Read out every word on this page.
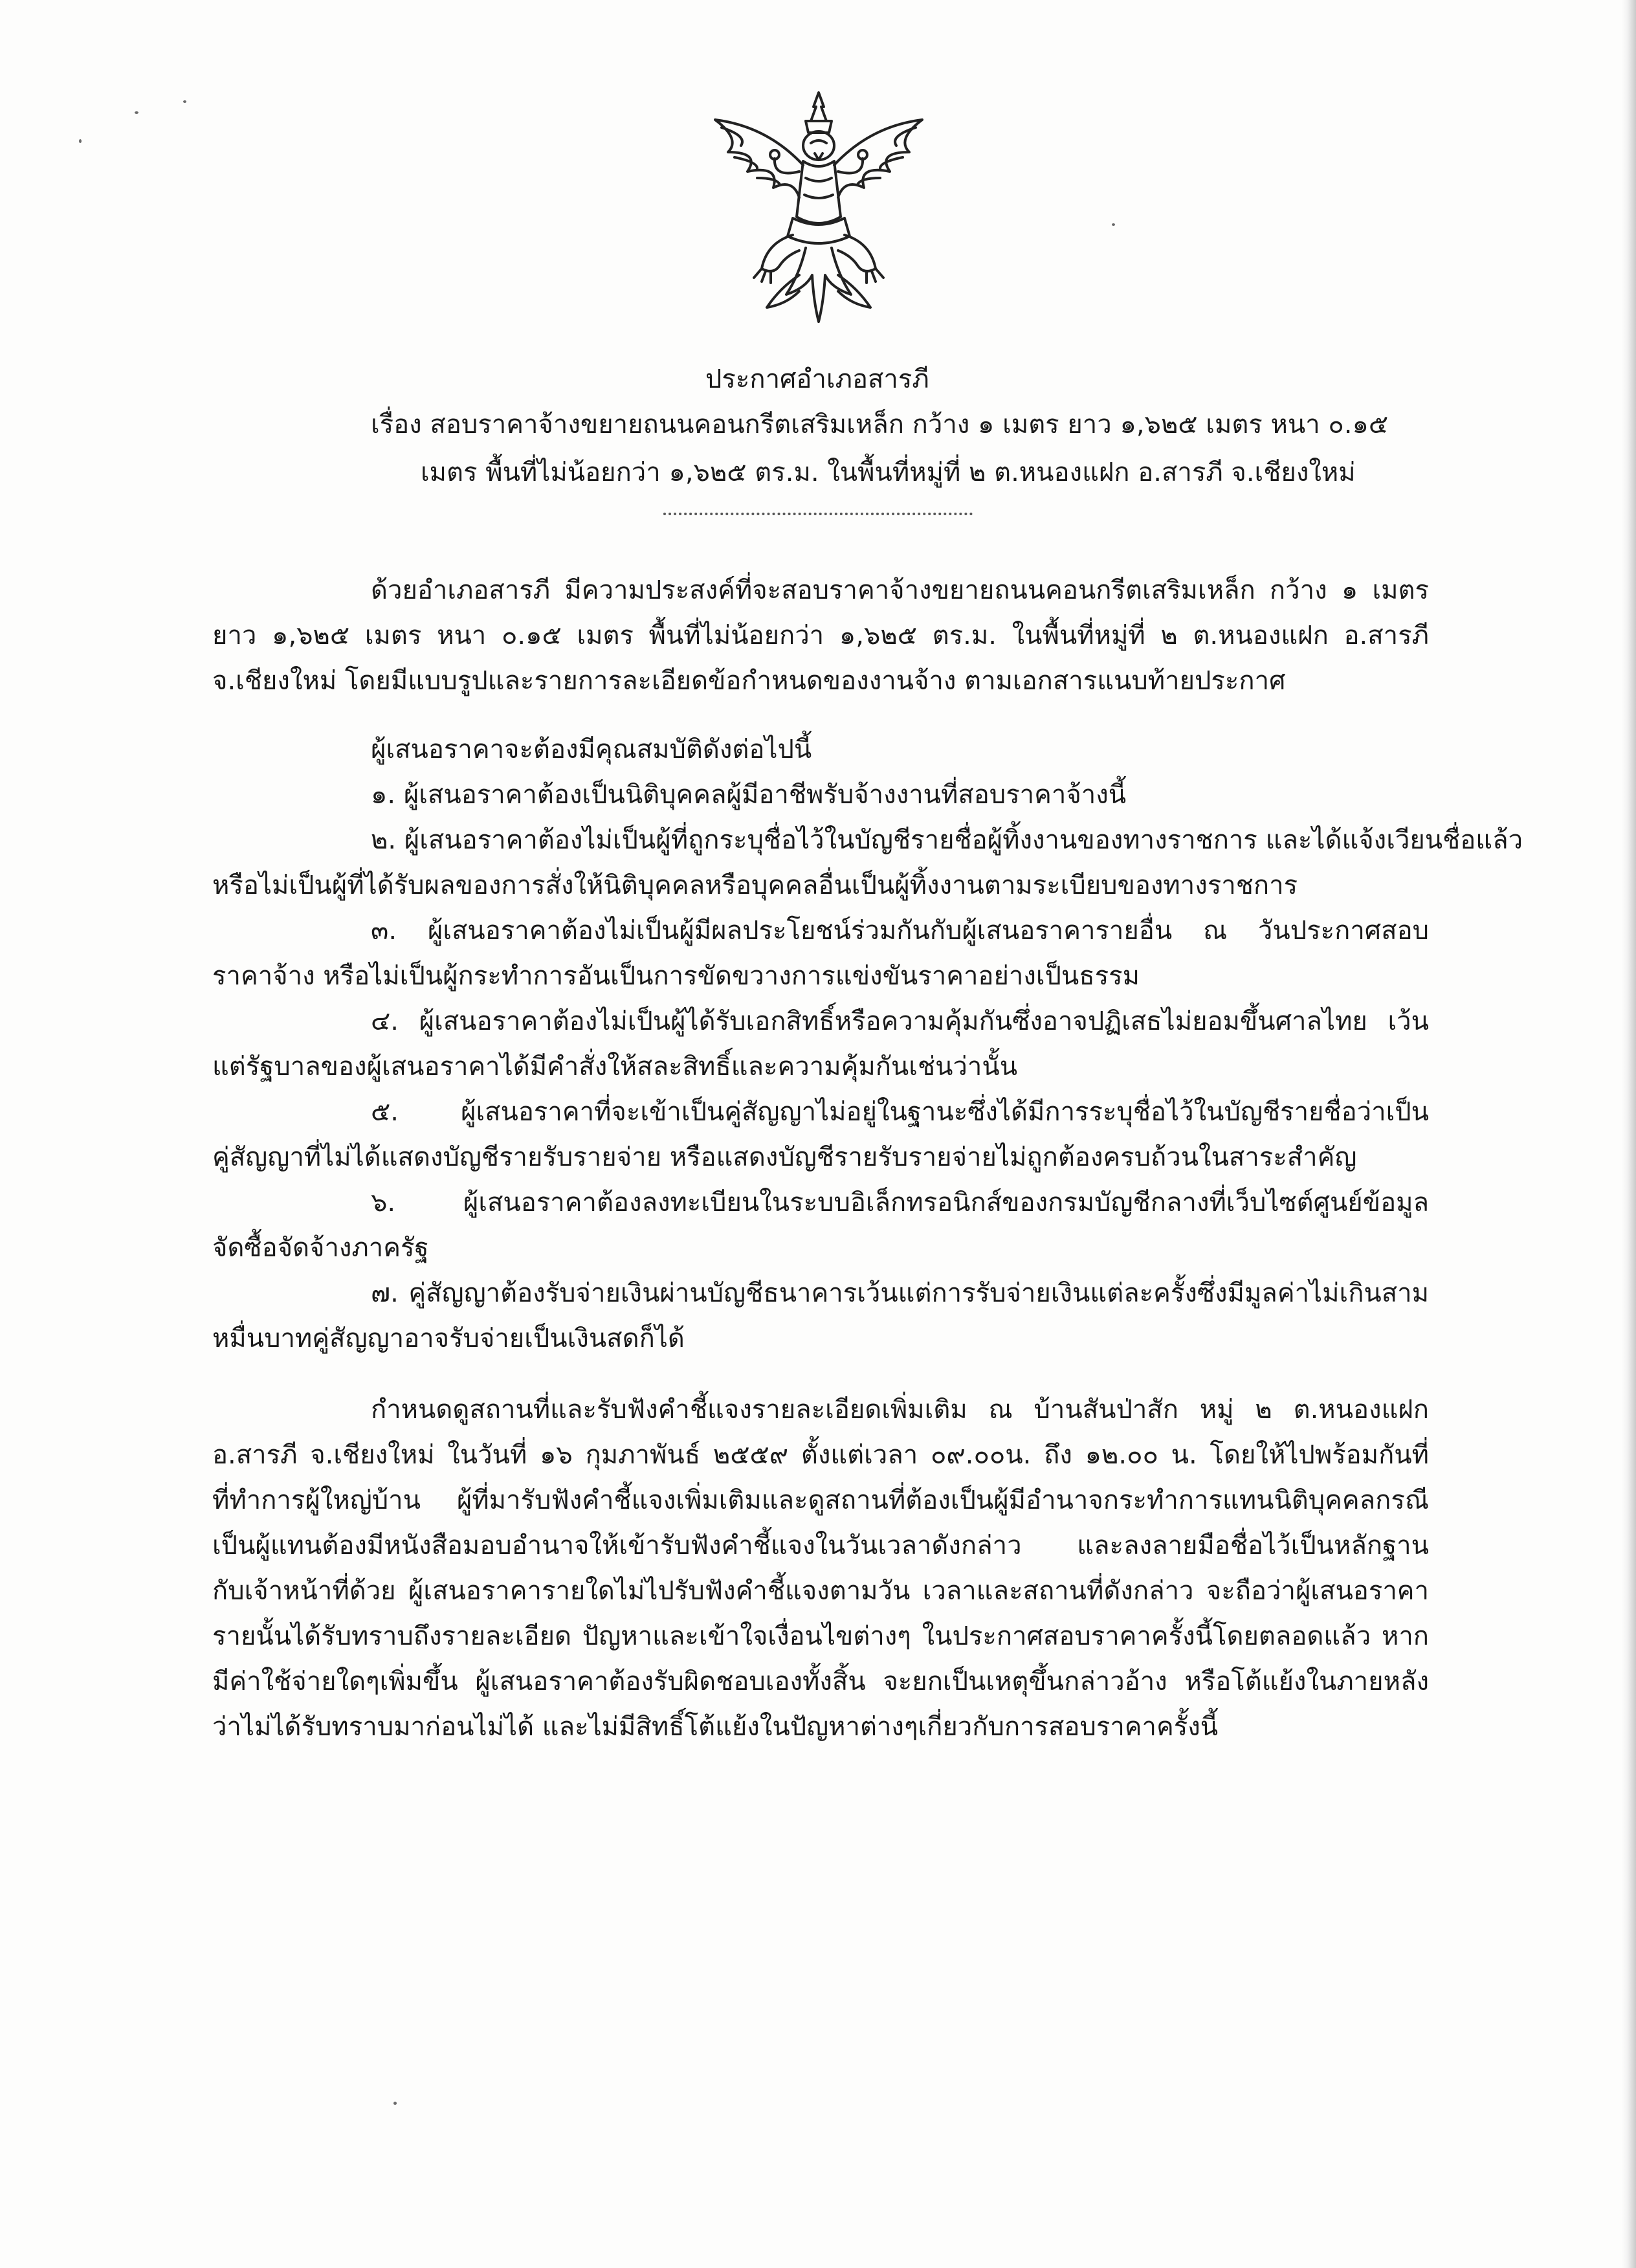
ประกาศอำเภอสารภี
เรื่อง สอบราคาจ้างขยายถนนคอนกรีตเสริมเหล็ก กว้าง ๑ เมตร ยาว ๑,๖๒๕ เมตร หนา ๐.๑๕
เมตร พื้นที่ไม่น้อยกว่า ๑,๖๒๕ ตร.ม. ในพื้นที่หมู่ที่ ๒ ต.หนองแฝก อ.สารภี จ.เชียงใหม่
ด้วยอำเภอสารภี มีความประสงค์ที่จะสอบราคาจ้างขยายถนนคอนกรีตเสริมเหล็ก กว้าง ๑ เมตร
ยาว ๑,๖๒๕ เมตร หนา ๐.๑๕ เมตร พื้นที่ไม่น้อยกว่า ๑,๖๒๕ ตร.ม. ในพื้นที่หมู่ที่ ๒ ต.หนองแฝก อ.สารภี
จ.เชียงใหม่ โดยมีแบบรูปและรายการละเอียดข้อกำหนดของงานจ้าง ตามเอกสารแนบท้ายประกาศ
ผู้เสนอราคาจะต้องมีคุณสมบัติดังต่อไปนี้
๑. ผู้เสนอราคาต้องเป็นนิติบุคคลผู้มีอาชีพรับจ้างงานที่สอบราคาจ้างนี้
๒. ผู้เสนอราคาต้องไม่เป็นผู้ที่ถูกระบุชื่อไว้ในบัญชีรายชื่อผู้ทิ้งงานของทางราชการ และได้แจ้งเวียนชื่อแล้ว
หรือไม่เป็นผู้ที่ได้รับผลของการสั่งให้นิติบุคคลหรือบุคคลอื่นเป็นผู้ทิ้งงานตามระเบียบของทางราชการ
๓. ผู้เสนอราคาต้องไม่เป็นผู้มีผลประโยชน์ร่วมกันกับผู้เสนอราคารายอื่น ณ วันประกาศสอบ
ราคาจ้าง หรือไม่เป็นผู้กระทำการอันเป็นการขัดขวางการแข่งขันราคาอย่างเป็นธรรม
๔. ผู้เสนอราคาต้องไม่เป็นผู้ได้รับเอกสิทธิ์หรือความคุ้มกันซึ่งอาจปฏิเสธไม่ยอมขึ้นศาลไทย เว้น
แต่รัฐบาลของผู้เสนอราคาได้มีคำสั่งให้สละสิทธิ์และความคุ้มกันเช่นว่านั้น
๕. ผู้เสนอราคาที่จะเข้าเป็นคู่สัญญาไม่อยู่ในฐานะซึ่งได้มีการระบุชื่อไว้ในบัญชีรายชื่อว่าเป็น
คู่สัญญาที่ไม่ได้แสดงบัญชีรายรับรายจ่าย หรือแสดงบัญชีรายรับรายจ่ายไม่ถูกต้องครบถ้วนในสาระสำคัญ
๖. ผู้เสนอราคาต้องลงทะเบียนในระบบอิเล็กทรอนิกส์ของกรมบัญชีกลางที่เว็บไซต์ศูนย์ข้อมูล
จัดซื้อจัดจ้างภาครัฐ
๗. คู่สัญญาต้องรับจ่ายเงินผ่านบัญชีธนาคารเว้นแต่การรับจ่ายเงินแต่ละครั้งซึ่งมีมูลค่าไม่เกินสาม
หมื่นบาทคู่สัญญาอาจรับจ่ายเป็นเงินสดก็ได้
กำหนดดูสถานที่และรับฟังคำชี้แจงรายละเอียดเพิ่มเติม ณ บ้านสันป่าสัก หมู่ ๒ ต.หนองแฝก
อ.สารภี จ.เชียงใหม่ ในวันที่ ๑๖ กุมภาพันธ์ ๒๕๕๙ ตั้งแต่เวลา ๐๙.๐๐น. ถึง ๑๒.๐๐ น. โดยให้ไปพร้อมกันที่
ที่ทำการผู้ใหญ่บ้าน ผู้ที่มารับฟังคำชี้แจงเพิ่มเติมและดูสถานที่ต้องเป็นผู้มีอำนาจกระทำการแทนนิติบุคคลกรณี
เป็นผู้แทนต้องมีหนังสือมอบอำนาจให้เข้ารับฟังคำชี้แจงในวันเวลาดังกล่าว และลงลายมือชื่อไว้เป็นหลักฐาน
กับเจ้าหน้าที่ด้วย ผู้เสนอราคารายใดไม่ไปรับฟังคำชี้แจงตามวัน เวลาและสถานที่ดังกล่าว จะถือว่าผู้เสนอราคา
รายนั้นได้รับทราบถึงรายละเอียด ปัญหาและเข้าใจเงื่อนไขต่างๆ ในประกาศสอบราคาครั้งนี้โดยตลอดแล้ว หาก
มีค่าใช้จ่ายใดๆเพิ่มขึ้น ผู้เสนอราคาต้องรับผิดชอบเองทั้งสิ้น จะยกเป็นเหตุขึ้นกล่าวอ้าง หรือโต้แย้งในภายหลัง
ว่าไม่ได้รับทราบมาก่อนไม่ได้ และไม่มีสิทธิ์โต้แย้งในปัญหาต่างๆเกี่ยวกับการสอบราคาครั้งนี้
